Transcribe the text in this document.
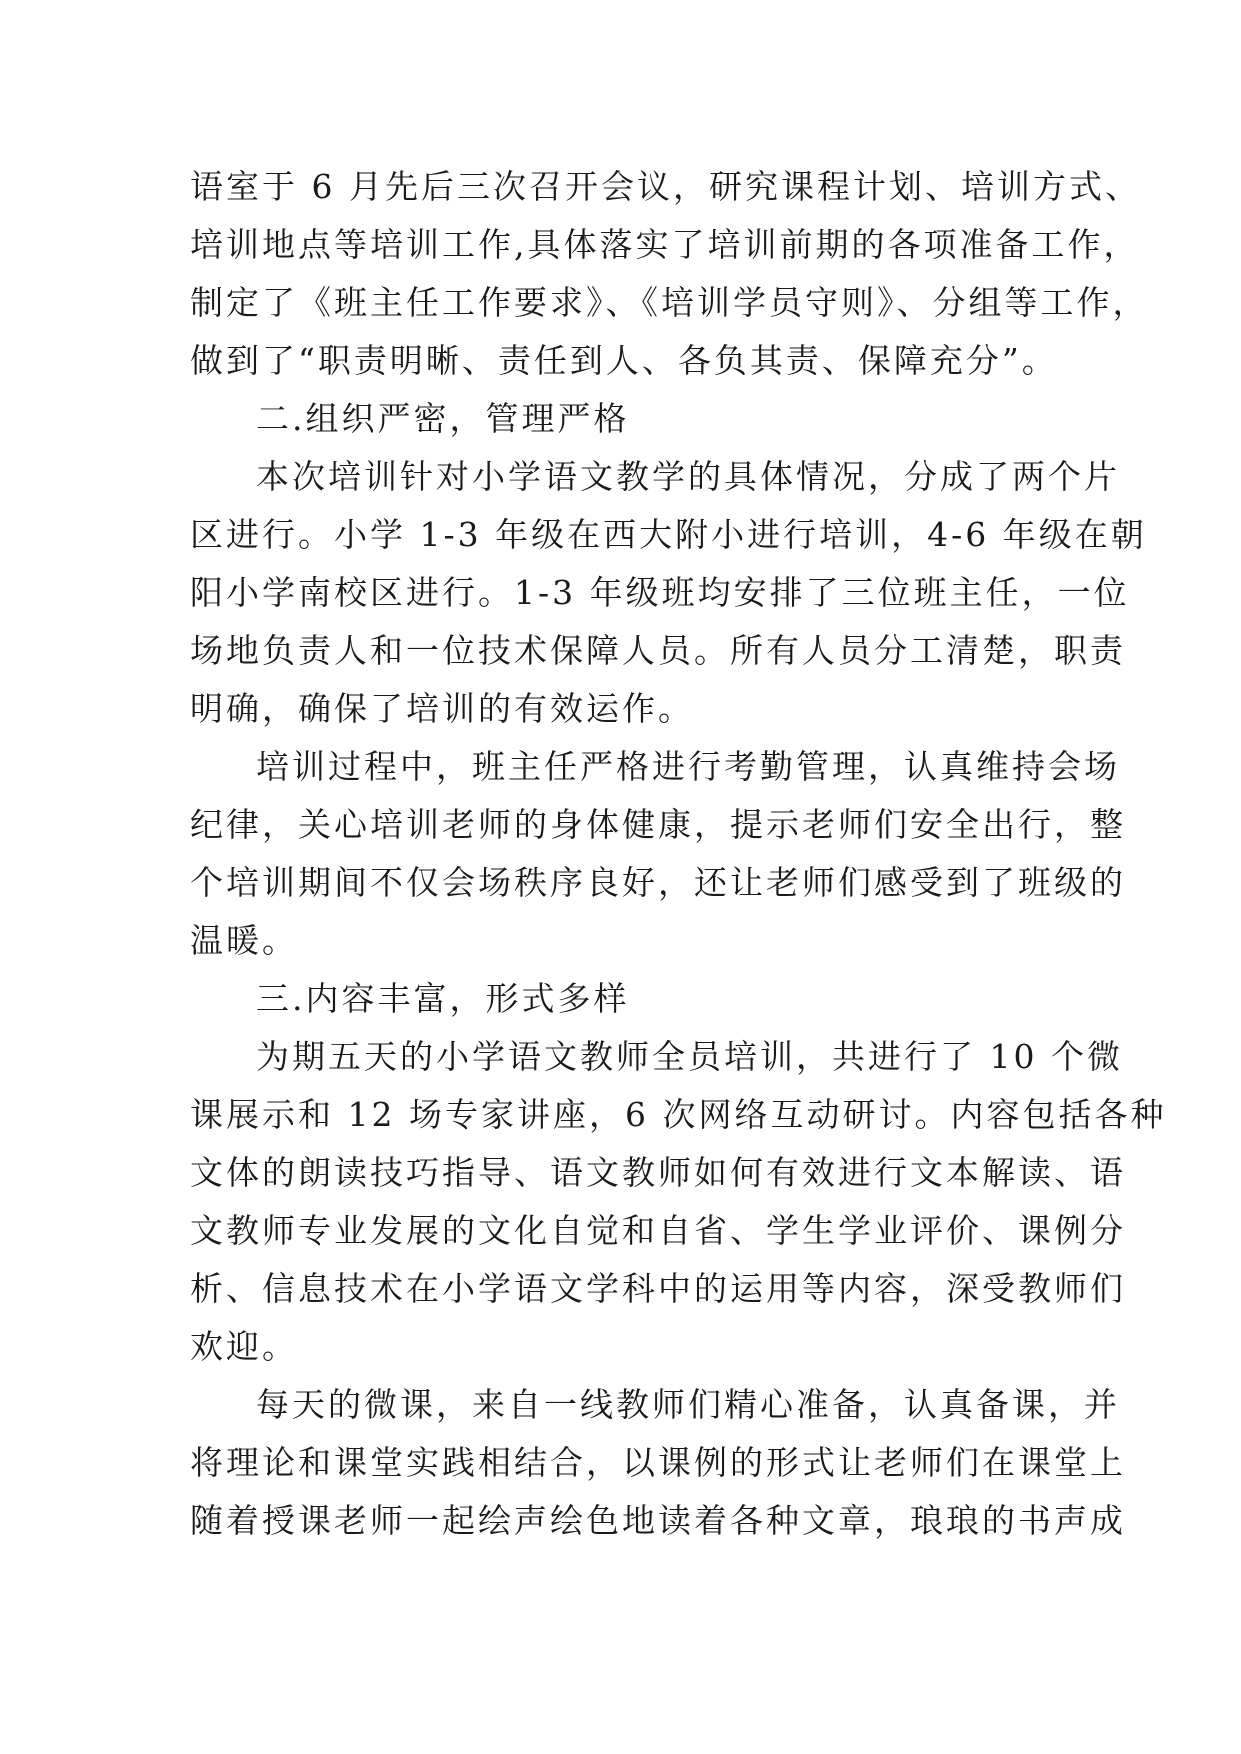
语室于 6 月先后三次召开会议，研究课程计划、培训方式、
培训地点等培训工作,具体落实了培训前期的各项准备工作，
制定了《班主任工作要求》、《培训学员守则》、分组等工作，
做到了“职责明晰、责任到人、各负其责、保障充分”。
二.组织严密，管理严格
本次培训针对小学语文教学的具体情况，分成了两个片
区进行。小学 1-3 年级在西大附小进行培训，4-6 年级在朝
阳小学南校区进行。1-3 年级班均安排了三位班主任，一位
场地负责人和一位技术保障人员。所有人员分工清楚，职责
明确，确保了培训的有效运作。
培训过程中，班主任严格进行考勤管理，认真维持会场
纪律，关心培训老师的身体健康，提示老师们安全出行，整
个培训期间不仅会场秩序良好，还让老师们感受到了班级的
温暖。
三.内容丰富，形式多样
为期五天的小学语文教师全员培训，共进行了 10 个微
课展示和 12 场专家讲座，6 次网络互动研讨。内容包括各种
文体的朗读技巧指导、语文教师如何有效进行文本解读、语
文教师专业发展的文化自觉和自省、学生学业评价、课例分
析、信息技术在小学语文学科中的运用等内容，深受教师们
欢迎。
每天的微课，来自一线教师们精心准备，认真备课，并
将理论和课堂实践相结合，以课例的形式让老师们在课堂上
随着授课老师一起绘声绘色地读着各种文章，琅琅的书声成
